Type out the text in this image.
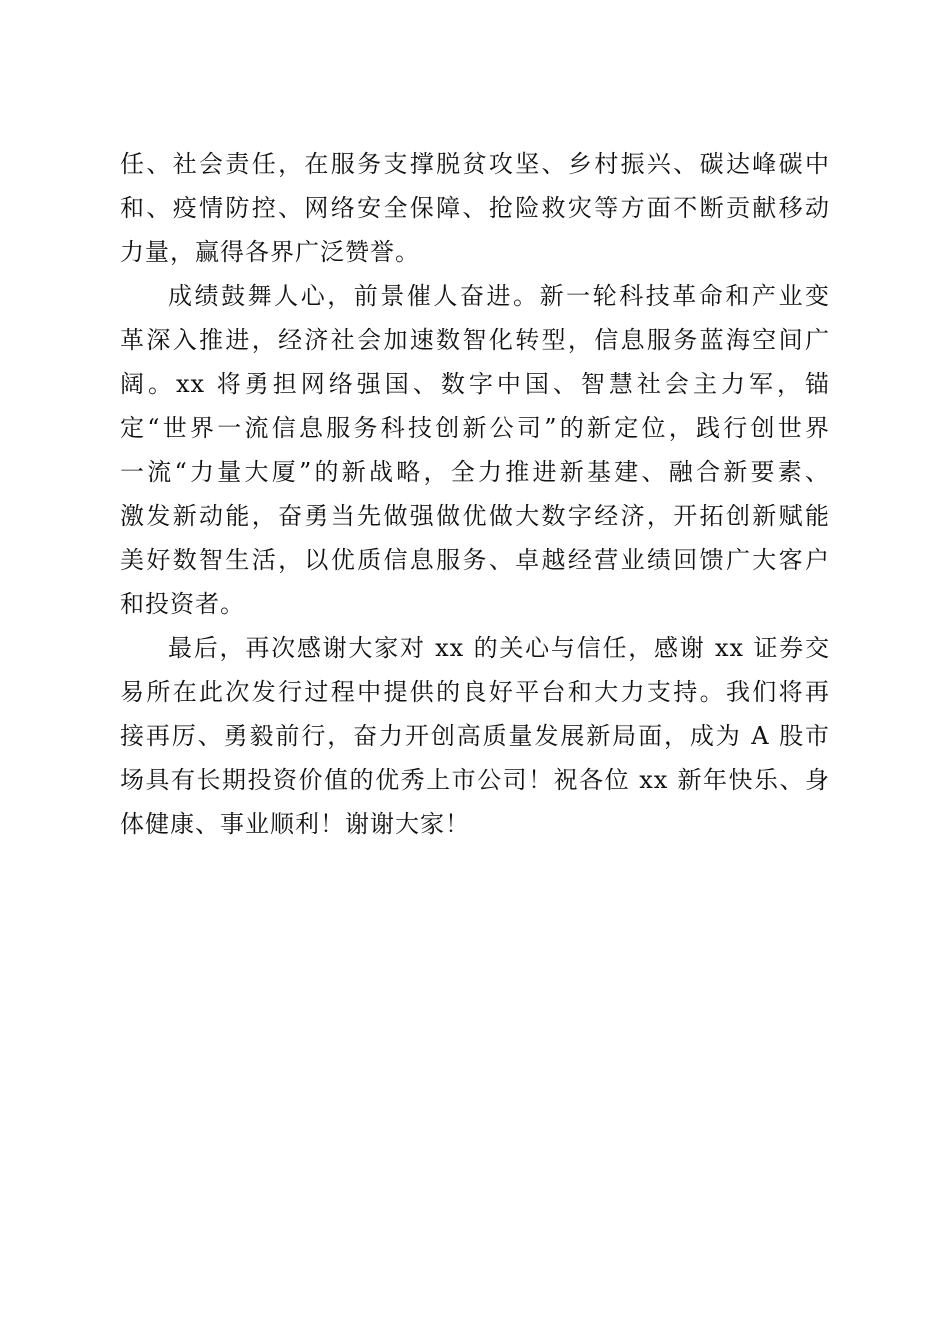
任、社会责任，在服务支撑脱贫攻坚、乡村振兴、碳达峰碳中
和、疫情防控、网络安全保障、抢险救灾等方面不断贡献移动
力量，赢得各界广泛赞誉。
成绩鼓舞人心，前景催人奋进。新一轮科技革命和产业变
革深入推进，经济社会加速数智化转型，信息服务蓝海空间广
阔。xx 将勇担网络强国、数字中国、智慧社会主力军，锚
定“世界一流信息服务科技创新公司”的新定位，践行创世界
一流“力量大厦”的新战略，全力推进新基建、融合新要素、
激发新动能，奋勇当先做强做优做大数字经济，开拓创新赋能
美好数智生活，以优质信息服务、卓越经营业绩回馈广大客户
和投资者。
最后，再次感谢大家对 xx 的关心与信任，感谢 xx 证券交
易所在此次发行过程中提供的良好平台和大力支持。我们将再
接再厉、勇毅前行，奋力开创高质量发展新局面，成为 A 股市
场具有长期投资价值的优秀上市公司！祝各位 xx 新年快乐、身
体健康、事业顺利！谢谢大家！
